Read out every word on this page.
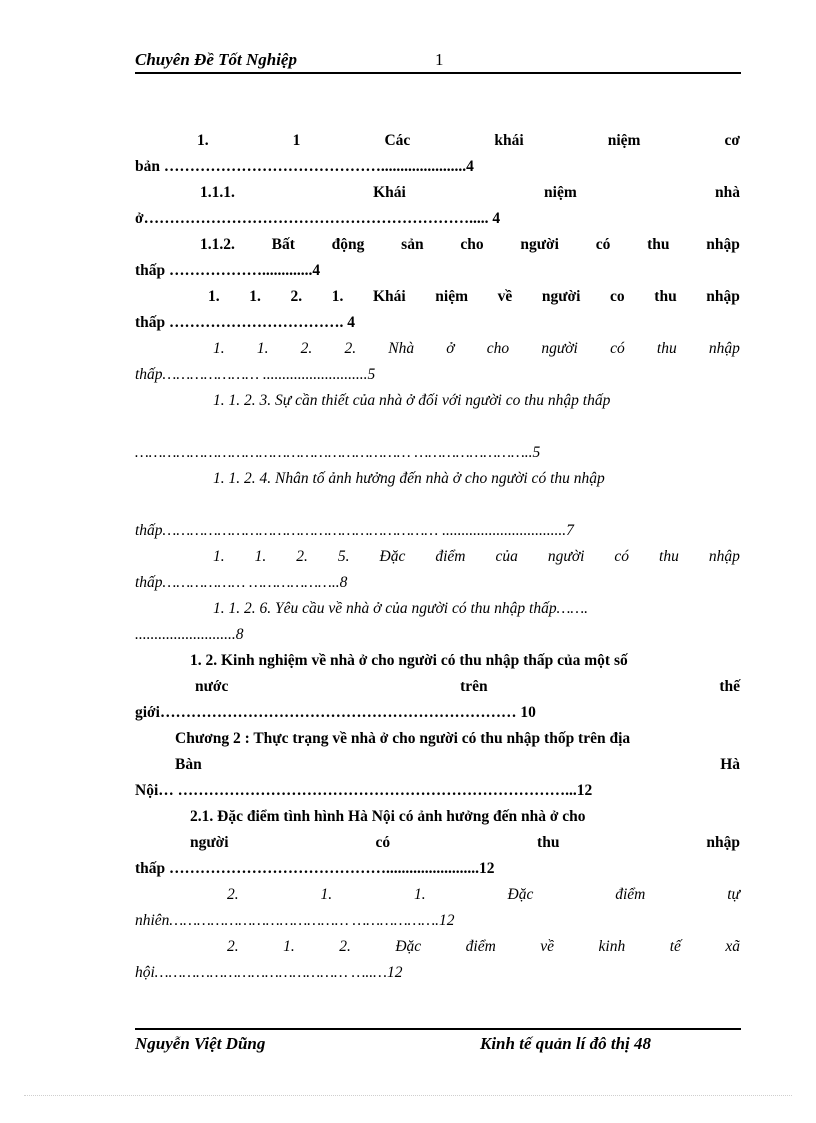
Chuyên Đề Tốt Nghiệp	1
1.	1	Các	khái	niệm	cơ
bản ……………………………………......................4
1.1.1.	Khái	niệm	nhà
ở………………………………………………………..... 4
1.1.2. Bất động sản cho người có thu nhập
thấp ……………….............4
1. 1. 2. 1. Khái niệm về người co thu nhập
thấp ……………………………. 4
1. 1. 2. 2. Nhà ở cho người có thu nhập
thấp………………… ...........................5
1. 1. 2. 3. Sự cần thiết của nhà ở đối với người co thu nhập thấp
…………………………………………………… ……………………..5
1. 1. 2. 4. Nhân tố ảnh hưởng đến nhà ở cho người có thu nhập
thấp…………………………………………………… ................................7
1. 1. 2. 5. Đặc điểm của người có thu nhập
thấp……………… ………………..8
1. 1. 2. 6. Yêu cầu về nhà ở của người có thu nhập thấp…….
..........................8
1. 2. Kinh nghiệm về nhà ở cho người có thu nhập thấp của một số
nước	trên	thế
giới…………………………………………………………… 10
Chương 2 : Thực trạng về nhà ở cho người có thu nhập thốp trên địa
Bàn	Hà
Nội… …………………………………………………………………...12
2.1. Đặc điểm tình hình Hà Nội có ảnh hưởng đến nhà ở cho
người	có	thu	nhập
thấp ……………………………………........................12
2.	1.	1.	Đặc	điểm	tự
nhiên………………………………… ……………….12
2.	1.	2.	Đặc	điểm	về	kinh	tế	xã
hội…………………………………… …..…12
Nguyễn Việt Dũng	Kinh tế quản lí đô thị 48
